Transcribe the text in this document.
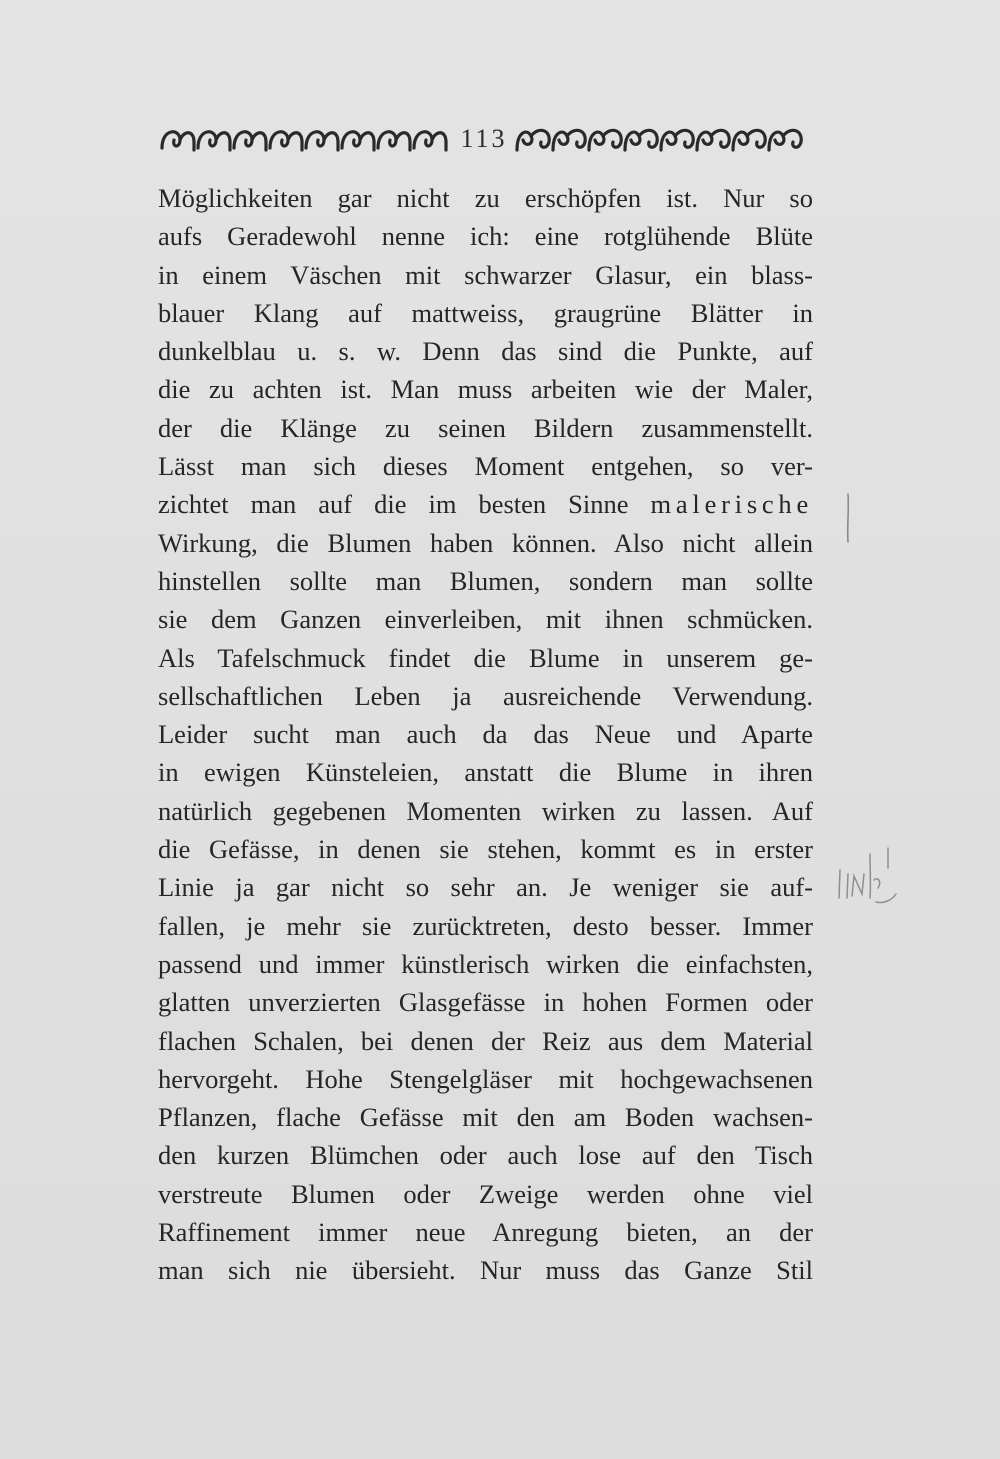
113
Möglichkeiten gar nicht zu erschöpfen ist. Nur so
aufs Geradewohl nenne ich: eine rotglühende Blüte
in einem Väschen mit schwarzer Glasur, ein blass-
blauer Klang auf mattweiss, graugrüne Blätter in
dunkelblau u. s. w. Denn das sind die Punkte, auf
die zu achten ist. Man muss arbeiten wie der Maler,
der die Klänge zu seinen Bildern zusammenstellt.
Lässt man sich dieses Moment entgehen, so ver-
zichtet man auf die im besten Sinne malerische
Wirkung, die Blumen haben können. Also nicht allein
hinstellen sollte man Blumen, sondern man sollte
sie dem Ganzen einverleiben, mit ihnen schmücken.
Als Tafelschmuck findet die Blume in unserem ge-
sellschaftlichen Leben ja ausreichende Verwendung.
Leider sucht man auch da das Neue und Aparte
in ewigen Künsteleien, anstatt die Blume in ihren
natürlich gegebenen Momenten wirken zu lassen. Auf
die Gefässe, in denen sie stehen, kommt es in erster
Linie ja gar nicht so sehr an. Je weniger sie auf-
fallen, je mehr sie zurücktreten, desto besser. Immer
passend und immer künstlerisch wirken die einfachsten,
glatten unverzierten Glasgefässe in hohen Formen oder
flachen Schalen, bei denen der Reiz aus dem Material
hervorgeht. Hohe Stengelgläser mit hochgewachsenen
Pflanzen, flache Gefässe mit den am Boden wachsen-
den kurzen Blümchen oder auch lose auf den Tisch
verstreute Blumen oder Zweige werden ohne viel
Raffinement immer neue Anregung bieten, an der
man sich nie übersieht. Nur muss das Ganze Stil
